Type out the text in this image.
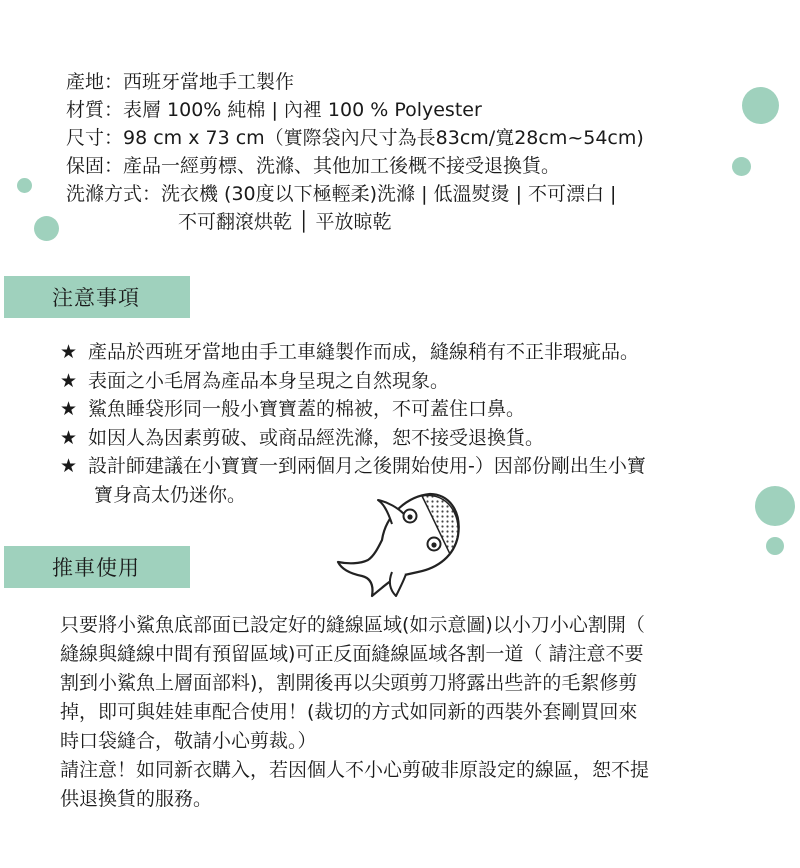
產地：西班牙當地手工製作
材質：表層 100% 純棉 | 內裡 100 % Polyester
尺寸：98 cm x 73 cm（實際袋內尺寸為長83cm/寬28cm~54cm)
保固：產品一經剪標、洗滌、其他加工後概不接受退換貨。
洗滌方式：洗衣機 (30度以下極輕柔)洗滌 | 低溫熨燙 | 不可漂白 |
不可翻滾烘乾 │ 平放晾乾
注意事項
★ 產品於西班牙當地由手工車縫製作而成，縫線稍有不正非瑕疵品。
★ 表面之小毛屑為產品本身呈現之自然現象。
★ 鯊魚睡袋形同一般小寶寶蓋的棉被，不可蓋住口鼻。
★ 如因人為因素剪破、或商品經洗滌，恕不接受退換貨。
★ 設計師建議在小寶寶一到兩個月之後開始使用-）因部份剛出生小寶
寶身高太仍迷你。
推車使用
只要將小鯊魚底部面已設定好的縫線區域(如示意圖)以小刀小心割開（
縫線與縫線中間有預留區域)可正反面縫線區域各割一道（ 請注意不要
割到小鯊魚上層面部料)，割開後再以尖頭剪刀將露出些許的毛絮修剪
掉，即可與娃娃車配合使用！(裁切的方式如同新的西裝外套剛買回來
時口袋縫合，敬請小心剪裁。）
請注意！如同新衣購入，若因個人不小心剪破非原設定的線區，恕不提
供退換貨的服務。
